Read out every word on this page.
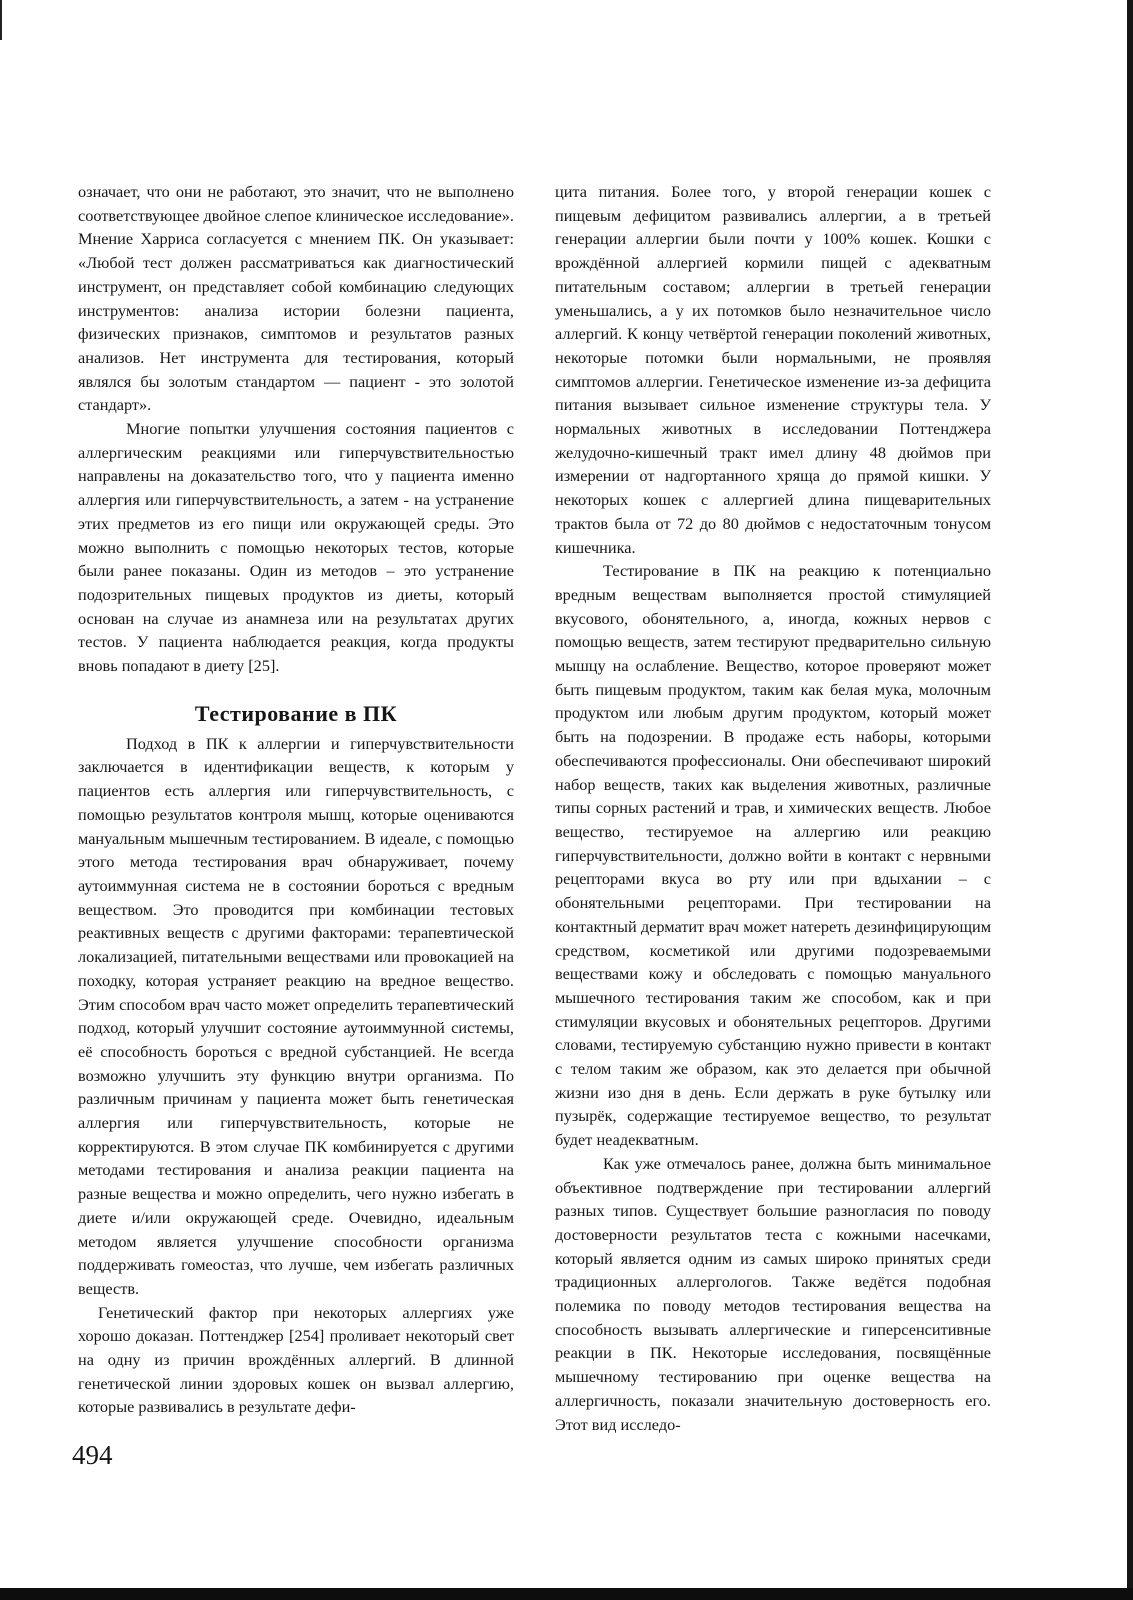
означает, что они не работают, это значит, что не выполнено соответствующее двойное слепое клиническое исследование». Мнение Харриса согласуется с мнением ПК. Он указывает: «Любой тест должен рассматриваться как диагностический инструмент, он представляет собой комбинацию следующих инструментов: анализа истории болезни пациента, физических признаков, симптомов и результатов разных анализов. Нет инструмента для тестирования, который являлся бы золотым стандартом — пациент - это золотой стандарт».

Многие попытки улучшения состояния пациентов с аллергическим реакциями или гиперчувствительностью направлены на доказательство того, что у пациента именно аллергия или гиперчувствительность, а затем - на устранение этих предметов из его пищи или окружающей среды. Это можно выполнить с помощью некоторых тестов, которые были ранее показаны. Один из методов – это устранение подозрительных пищевых продуктов из диеты, который основан на случае из анамнеза или на результатах других тестов. У пациента наблюдается реакция, когда продукты вновь попадают в диету [25].

Тестирование в ПК

Подход в ПК к аллергии и гиперчувствительности заключается в идентификации веществ, к которым у пациентов есть аллергия или гиперчувствительность, с помощью результатов контроля мышц, которые оцениваются мануальным мышечным тестированием. В идеале, с помощью этого метода тестирования врач обнаруживает, почему аутоиммунная система не в состоянии бороться с вредным веществом. Это проводится при комбинации тестовых реактивных веществ с другими факторами: терапевтической локализацией, питательными веществами или провокацией на походку, которая устраняет реакцию на вредное вещество. Этим способом врач часто может определить терапевтический подход, который улучшит состояние аутоиммунной системы, её способность бороться с вредной субстанцией. Не всегда возможно улучшить эту функцию внутри организма. По различным причинам у пациента может быть генетическая аллергия или гиперчувствительность, которые не корректируются. В этом случае ПК комбинируется с другими методами тестирования и анализа реакции пациента на разные вещества и можно определить, чего нужно избегать в диете и/или окружающей среде. Очевидно, идеальным методом является улучшение способности организма поддерживать гомеостаз, что лучше, чем избегать различных веществ.

Генетический фактор при некоторых аллергиях уже хорошо доказан. Поттенджер [254] проливает некоторый свет на одну из причин врождённых аллергий. В длинной генетической линии здоровых кошек он вызвал аллергию, которые развивались в результате дефи-

цита питания. Более того, у второй генерации кошек с пищевым дефицитом развивались аллергии, а в третьей генерации аллергии были почти у 100% кошек. Кошки с врождённой аллергией кормили пищей с адекватным питательным составом; аллергии в третьей генерации уменьшались, а у их потомков было незначительное число аллергий. К концу четвёртой генерации поколений животных, некоторые потомки были нормальными, не проявляя симптомов аллергии. Генетическое изменение из-за дефицита питания вызывает сильное изменение структуры тела. У нормальных животных в исследовании Поттенджера желудочно-кишечный тракт имел длину 48 дюймов при измерении от надгортанного хряща до прямой кишки. У некоторых кошек с аллергией длина пищеварительных трактов была от 72 до 80 дюймов с недостаточным тонусом кишечника.

Тестирование в ПК на реакцию к потенциально вредным веществам выполняется простой стимуляцией вкусового, обонятельного, а, иногда, кожных нервов с помощью веществ, затем тестируют предварительно сильную мышцу на ослабление. Вещество, которое проверяют может быть пищевым продуктом, таким как белая мука, молочным продуктом или любым другим продуктом, который может быть на подозрении. В продаже есть наборы, которыми обеспечиваются профессионалы. Они обеспечивают широкий набор веществ, таких как выделения животных, различные типы сорных растений и трав, и химических веществ. Любое вещество, тестируемое на аллергию или реакцию гиперчувствительности, должно войти в контакт с нервными рецепторами вкуса во рту или при вдыхании – с обонятельными рецепторами. При тестировании на контактный дерматит врач может натереть дезинфицирующим средством, косметикой или другими подозреваемыми веществами кожу и обследовать с помощью мануального мышечного тестирования таким же способом, как и при стимуляции вкусовых и обонятельных рецепторов. Другими словами, тестируемую субстанцию нужно привести в контакт с телом таким же образом, как это делается при обычной жизни изо дня в день. Если держать в руке бутылку или пузырёк, содержащие тестируемое вещество, то результат будет неадекватным.

Как уже отмечалось ранее, должна быть минимальное объективное подтверждение при тестировании аллергий разных типов. Существует большие разногласия по поводу достоверности результатов теста с кожными насечками, который является одним из самых широко принятых среди традиционных аллергологов. Также ведётся подобная полемика по поводу методов тестирования вещества на способность вызывать аллергические и гиперсенситивные реакции в ПК. Некоторые исследования, посвящённые мышечному тестированию при оценке вещества на аллергичность, показали значительную достоверность его. Этот вид исследо-

494
